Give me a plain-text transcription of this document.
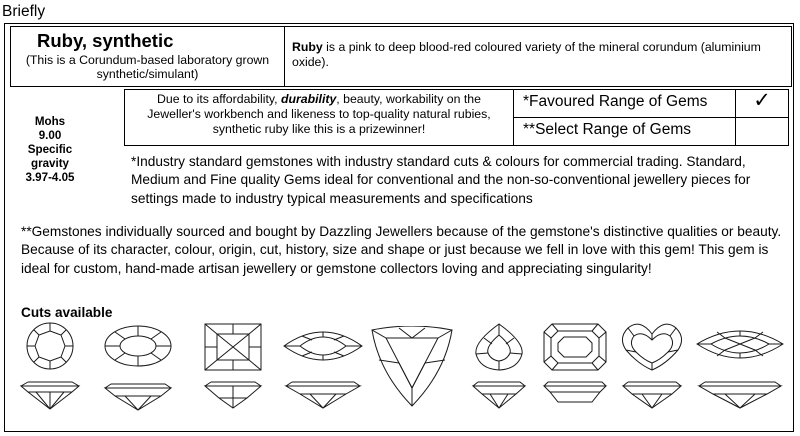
Briefly
Ruby, synthetic
(This is a Corundum-based laboratory grown synthetic/simulant)
Ruby is a pink to deep blood-red coloured variety of the mineral corundum (aluminium oxide).
Mohs
9.00
Specific gravity
3.97-4.05
Due to its affordability, durability, beauty, workability on the Jeweller's workbench and likeness to top-quality natural rubies, synthetic ruby like this is a prizewinner!
*Favoured Range of Gems	✓
**Select Range of Gems
*Industry standard gemstones with industry standard cuts & colours for commercial trading. Standard, Medium and Fine quality Gems ideal for conventional and the non-so-conventional jewellery pieces for settings made to industry typical measurements and specifications
**Gemstones individually sourced and bought by Dazzling Jewellers because of the gemstone's distinctive qualities or beauty. Because of its character, colour, origin, cut, history, size and shape or just because we fell in love with this gem! This gem is ideal for custom, hand-made artisan jewellery or gemstone collectors loving and appreciating singularity!
Cuts available
